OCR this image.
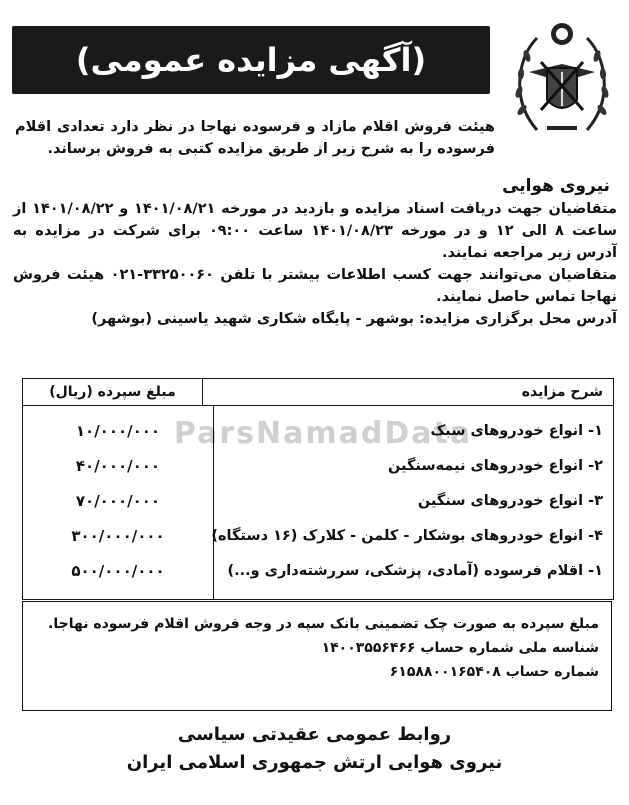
(آگهی مزایده عمومی)
نیروی هوایی

هیئت فروش اقلام مازاد و فرسوده نهاجا در نظر دارد تعدادی اقلام فرسوده را به شرح زیر از طریق مزایده کتبی به فروش برساند.

متقاضیان جهت دریافت اسناد مزایده و بازدید در مورخه ۱۴۰۱/۰۸/۲۱ و ۱۴۰۱/۰۸/۲۲ از ساعت ۸ الی ۱۲ و در مورخه ۱۴۰۱/۰۸/۲۳ ساعت ۰۹:۰۰ برای شرکت در مزایده به آدرس زیر مراجعه نمایند.

متقاضیان می‌توانند جهت کسب اطلاعات بیشتر با تلفن ۳۳۲۵۰۰۶۰-۰۲۱ هیئت فروش نهاجا تماس حاصل نمایند.

آدرس محل برگزاری مزایده: بوشهر - پایگاه شکاری شهید یاسینی (بوشهر)

ParsNamadData
شرح مزایده
مبلغ سپرده (ریال)
۱- انواع خودروهای سبک
۲- انواع خودروهای نیمه‌سنگین
۳- انواع خودروهای سنگین
۴- انواع خودروهای بوشکار - کلمن - کلارک (۱۶ دستگاه)
۱- اقلام فرسوده (آمادی، پزشکی، سررشته‌داری و...)
۱۰/۰۰۰/۰۰۰
۴۰/۰۰۰/۰۰۰
۷۰/۰۰۰/۰۰۰
۳۰۰/۰۰۰/۰۰۰
۵۰۰/۰۰۰/۰۰۰

مبلغ سپرده به صورت چک تضمینی بانک سپه در وجه فروش اقلام فرسوده نهاجا.

شناسه ملی شماره حساب ۱۴۰۰۳۵۵۶۴۶۶

شماره حساب ۶۱۵۸۸۰۰۱۶۵۴۰۸

روابط عمومی عقیدتی سیاسی

نیروی هوایی ارتش جمهوری اسلامی ایران
